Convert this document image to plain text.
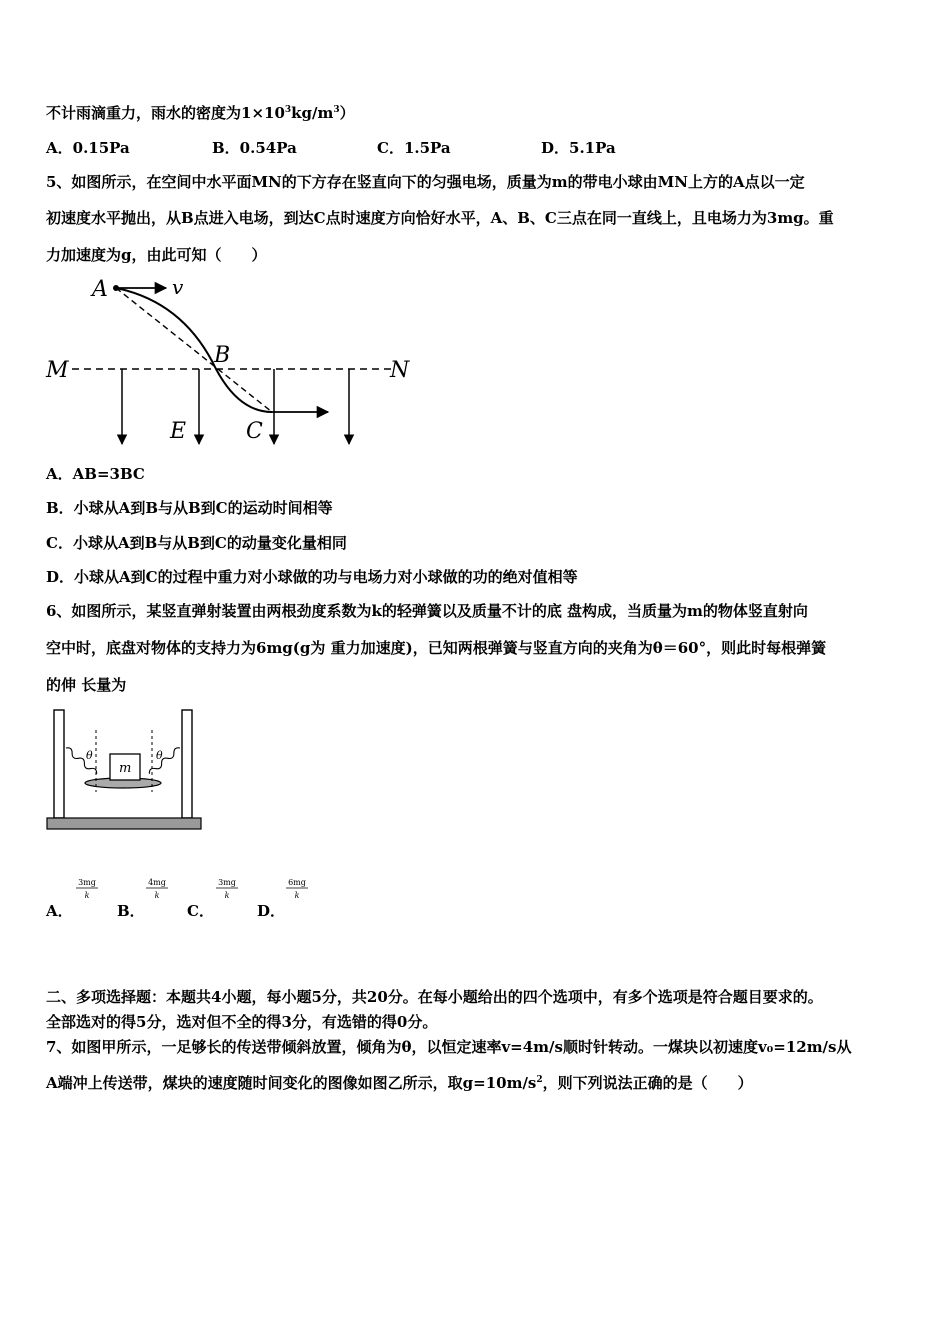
不计雨滴重力，雨水的密度为$1\times 10^3kg/m^3$）
A．0.15Pa	B．0.54Pa	C．1.5Pa	D．5.1Pa
5、如图所示，在空间中水平面MN的下方存在竖直向下的匀强电场，质量为m的带电小球由MN上方的A点以一定
初速度水平抛出，从B点进入电场，到达C点时速度方向恰好水平，A、B、C三点在同一直线上，且电场力为3mg。重
力加速度为g，由此可知（　　）
A	v
B
M	N
E	C
A．AB=3BC
B．小球从A到B与从B到C的运动时间相等
C．小球从A到B与从B到C的动量变化量相同
D．小球从A到C的过程中重力对小球做的功与电场力对小球做的功的绝对值相等
6、如图所示，某竖直弹射装置由两根劲度系数为k的轻弹簧以及质量不计的底 盘构成，当质量为m的物体竖直射向
空中时，底盘对物体的支持力为6mg(g为 重力加速度)，已知两根弹簧与竖直方向的夹角为θ＝60°，则此时每根弹簧
的伸 长量为
m
θ	θ
A．
3mg
k
B．
4mg
k
C．
3mg
k
D．
6mg
k
二、多项选择题：本题共4小题，每小题5分，共20分。在每小题给出的四个选项中，有多个选项是符合题目要求的。
全部选对的得5分，选对但不全的得3分，有选错的得0分。
7、如图甲所示，一足够长的传送带倾斜放置，倾角为θ，以恒定速率v=4m/s顺时针转动。一煤块以初速度v₀=12m/s从
A端冲上传送带，煤块的速度随时间变化的图像如图乙所示，取$g=10m/s^2$，则下列说法正确的是（　　）
